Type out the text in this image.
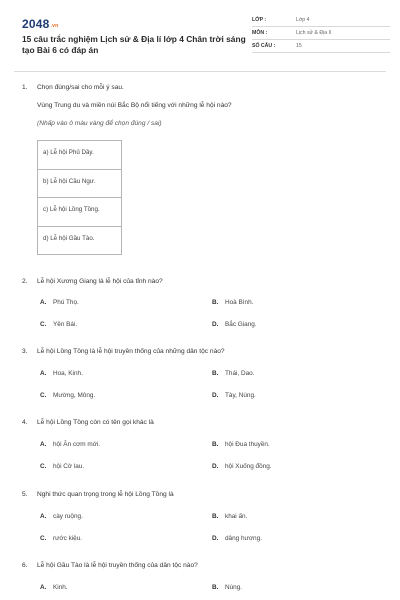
2048.vn
15 câu trắc nghiệm Lịch sử & Địa lí lớp 4 Chân trời sáng tạo Bài 6 có đáp án
LỚP :	Lớp 4
MÔN :	Lịch sử & Địa lí
SỐ CÂU :	15
1. Chọn đúng/sai cho mỗi ý sau.
Vùng Trung du và miền núi Bắc Bộ nổi tiếng với những lễ hội nào?
(Nhấp vào ô màu vàng để chọn đúng / sai)
a) Lễ hội Phủ Dầy.
b) Lễ hội Cầu Ngư.
c) Lễ hội Lồng Tồng.
d) Lễ hội Gầu Tào.
2. Lễ hội Xương Giang là lễ hội của tỉnh nào?
A. Phú Thọ.	B. Hoà Bình.
C. Yên Bái.	D. Bắc Giang.
3. Lễ hội Lồng Tồng là lễ hội truyền thống của những dân tộc nào?
A. Hoa, Kinh.	B. Thái, Dao.
C. Mường, Mông.	D. Tày, Nùng.
4. Lễ hội Lồng Tồng còn có tên gọi khác là
A. hội Ăn cơm mới.	B. hội Đua thuyền.
C. hội Cờ lau.	D. hội Xuống đồng.
5. Nghi thức quan trọng trong lễ hội Lồng Tồng là
A. cày ruộng.	B. khai ấn.
C. rước kiệu.	D. dâng hương.
6. Lễ hội Gầu Tào là lễ hội truyền thống của dân tộc nào?
A. Kinh.	B. Nùng.
